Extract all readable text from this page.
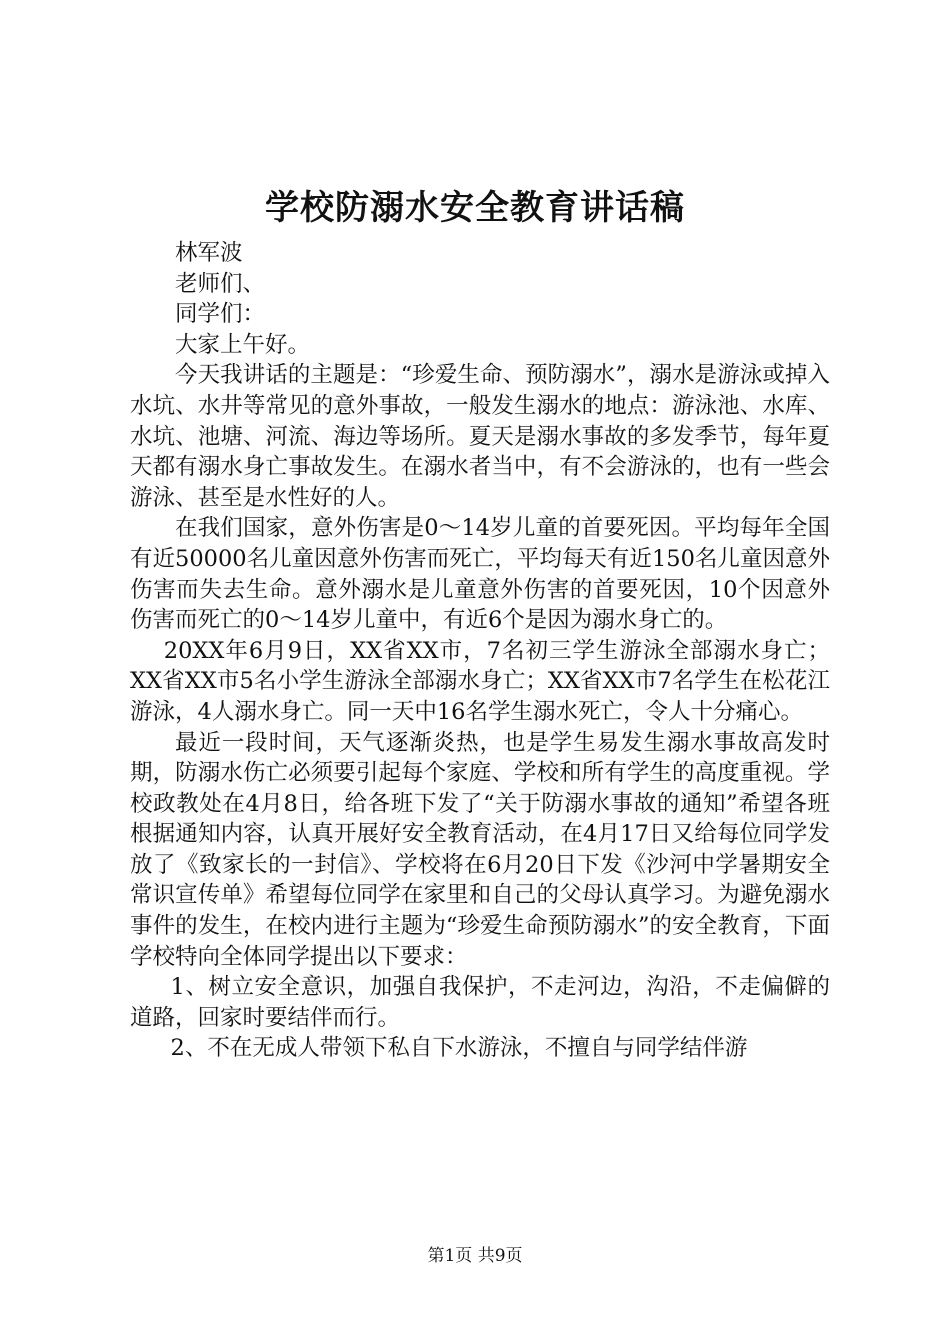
学校防溺水安全教育讲话稿

林军波

老师们、

同学们：

大家上午好。

今天我讲话的主题是：“珍爱生命、预防溺水”，溺水是游泳或掉入水坑、水井等常见的意外事故，一般发生溺水的地点：游泳池、水库、水坑、池塘、河流、海边等场所。夏天是溺水事故的多发季节，每年夏天都有溺水身亡事故发生。在溺水者当中，有不会游泳的，也有一些会游泳、甚至是水性好的人。

在我们国家，意外伤害是0～14岁儿童的首要死因。平均每年全国有近50000名儿童因意外伤害而死亡，平均每天有近150名儿童因意外伤害而失去生命。意外溺水是儿童意外伤害的首要死因，10个因意外伤害而死亡的0～14岁儿童中，有近6个是因为溺水身亡的。

20XX年6月9日，XX省XX市，7名初三学生游泳全部溺水身亡；XX省XX市5名小学生游泳全部溺水身亡；XX省XX市7名学生在松花江游泳，4人溺水身亡。同一天中16名学生溺水死亡，令人十分痛心。

最近一段时间，天气逐渐炎热，也是学生易发生溺水事故高发时期，防溺水伤亡必须要引起每个家庭、学校和所有学生的高度重视。学校政教处在4月8日，给各班下发了“关于防溺水事故的通知”希望各班根据通知内容，认真开展好安全教育活动，在4月17日又给每位同学发放了《致家长的一封信》、学校将在6月20日下发《沙河中学暑期安全常识宣传单》希望每位同学在家里和自己的父母认真学习。为避免溺水事件的发生，在校内进行主题为“珍爱生命预防溺水”的安全教育，下面学校特向全体同学提出以下要求：

1、树立安全意识，加强自我保护，不走河边，沟沿，不走偏僻的道路，回家时要结伴而行。

2、不在无成人带领下私自下水游泳，不擅自与同学结伴游

第1页 共9页
